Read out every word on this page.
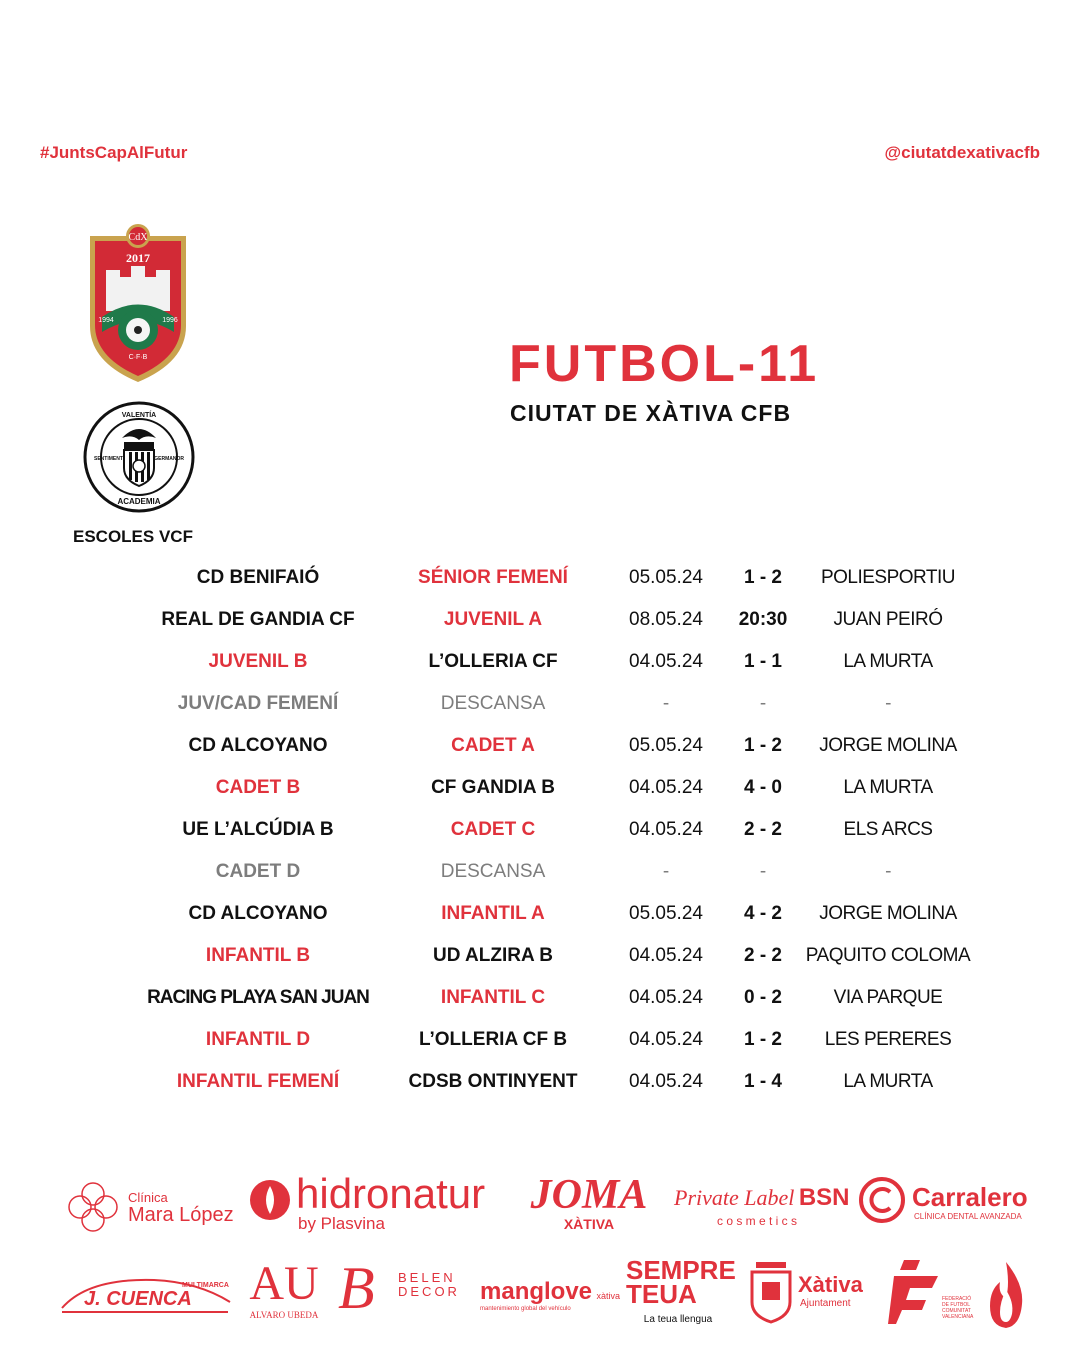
#JuntsCapAlFutur	@ciutatdexativacfb
CdX
2017
1994	1996
C·F·B
VALENTÍA
SENTIMENT	GERMANOR
ACADEMIA
ESCOLES VCF
FUTBOL-11
CIUTAT DE XÀTIVA CFB
CD BENIFAIÓ	SÉNIOR FEMENÍ	05.05.24	1 - 2	POLIESPORTIU
REAL DE GANDIA CF	JUVENIL A	08.05.24	20:30	JUAN PEIRÓ
JUVENIL B	L’OLLERIA CF	04.05.24	1 - 1	LA MURTA
JUV/CAD FEMENÍ	DESCANSA	-	-	-
CD ALCOYANO	CADET A	05.05.24	1 - 2	JORGE MOLINA
CADET B	CF GANDIA B	04.05.24	4 - 0	LA MURTA
UE L’ALCÚDIA B	CADET C	04.05.24	2 - 2	ELS ARCS
CADET D	DESCANSA	-	-	-
CD ALCOYANO	INFANTIL A	05.05.24	4 - 2	JORGE MOLINA
INFANTIL B	UD ALZIRA B	04.05.24	2 - 2	PAQUITO COLOMA
RACING PLAYA SAN JUAN	INFANTIL C	04.05.24	0 - 2	VIA PARQUE
INFANTIL D	L’OLLERIA CF B	04.05.24	1 - 2	LES PERERES
INFANTIL FEMENÍ	CDSB ONTINYENT	04.05.24	1 - 4	LA MURTA
Clínica
Mara López hidronatur
by Plasvina
JOMA
XÀTIVA
Private Label BSN
c o s m e t i c s
Carralero
CLÍNICA DENTAL AVANZADA
J. CUENCA
MULTIMARCA AU
ALVARO UBEDA B BELEN
DECOR manglove xàtiva
mantenimiento global del vehículo
SEMPRE
TEUA
La teua llengua
Xàtiva
Ajuntament	FEDERACIÓ DE FUTBOL COMUNITAT VALENCIANA
